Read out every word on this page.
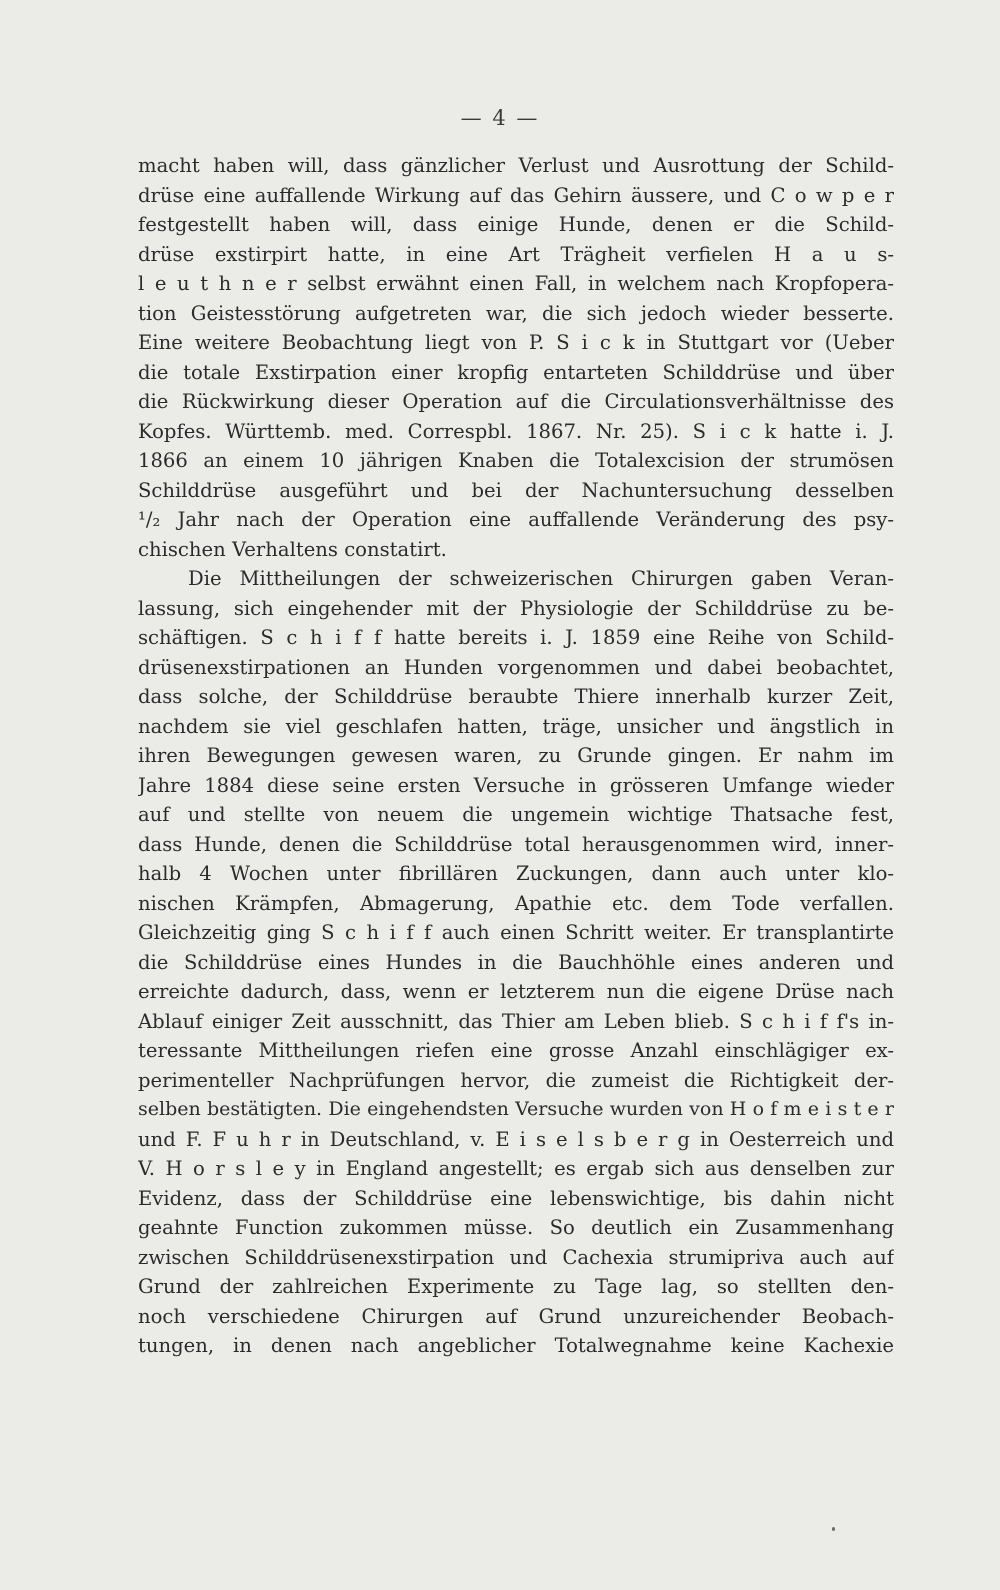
— 4 —
macht haben will, dass gänzlicher Verlust und Ausrottung der Schild-
drüse eine auffallende Wirkung auf das Gehirn äussere, und C o w p e r
festgestellt haben will, dass einige Hunde, denen er die Schild-
drüse exstirpirt hatte, in eine Art Trägheit verfielen H a u s-
l e u t h n e r selbst erwähnt einen Fall, in welchem nach Kropfopera-
tion Geistesstörung aufgetreten war, die sich jedoch wieder besserte.
Eine weitere Beobachtung liegt von P. S i c k in Stuttgart vor (Ueber
die totale Exstirpation einer kropfig entarteten Schilddrüse und über
die Rückwirkung dieser Operation auf die Circulationsverhältnisse des
Kopfes. Württemb. med. Correspbl. 1867. Nr. 25). S i c k hatte i. J.
1866 an einem 10 jährigen Knaben die Totalexcision der strumösen
Schilddrüse ausgeführt und bei der Nachuntersuchung desselben
¹/₂ Jahr nach der Operation eine auffallende Veränderung des psy-
chischen Verhaltens constatirt.
Die Mittheilungen der schweizerischen Chirurgen gaben Veran-
lassung, sich eingehender mit der Physiologie der Schilddrüse zu be-
schäftigen. S c h i f f hatte bereits i. J. 1859 eine Reihe von Schild-
drüsenexstirpationen an Hunden vorgenommen und dabei beobachtet,
dass solche, der Schilddrüse beraubte Thiere innerhalb kurzer Zeit,
nachdem sie viel geschlafen hatten, träge, unsicher und ängstlich in
ihren Bewegungen gewesen waren, zu Grunde gingen. Er nahm im
Jahre 1884 diese seine ersten Versuche in grösseren Umfange wieder
auf und stellte von neuem die ungemein wichtige Thatsache fest,
dass Hunde, denen die Schilddrüse total herausgenommen wird, inner-
halb 4 Wochen unter fibrillären Zuckungen, dann auch unter klo-
nischen Krämpfen, Abmagerung, Apathie etc. dem Tode verfallen.
Gleichzeitig ging S c h i f f auch einen Schritt weiter. Er transplantirte
die Schilddrüse eines Hundes in die Bauchhöhle eines anderen und
erreichte dadurch, dass, wenn er letzterem nun die eigene Drüse nach
Ablauf einiger Zeit ausschnitt, das Thier am Leben blieb. S c h i f f's in-
teressante Mittheilungen riefen eine grosse Anzahl einschlägiger ex-
perimenteller Nachprüfungen hervor, die zumeist die Richtigkeit der-
selben bestätigten. Die eingehendsten Versuche wurden von H o f m e i s t e r
und F. F u h r in Deutschland, v. E i s e l s b e r g in Oesterreich und
V. H o r s l e y in England angestellt; es ergab sich aus denselben zur
Evidenz, dass der Schilddrüse eine lebenswichtige, bis dahin nicht
geahnte Function zukommen müsse. So deutlich ein Zusammenhang
zwischen Schilddrüsenexstirpation und Cachexia strumipriva auch auf
Grund der zahlreichen Experimente zu Tage lag, so stellten den-
noch verschiedene Chirurgen auf Grund unzureichender Beobach-
tungen, in denen nach angeblicher Totalwegnahme keine Kachexie
